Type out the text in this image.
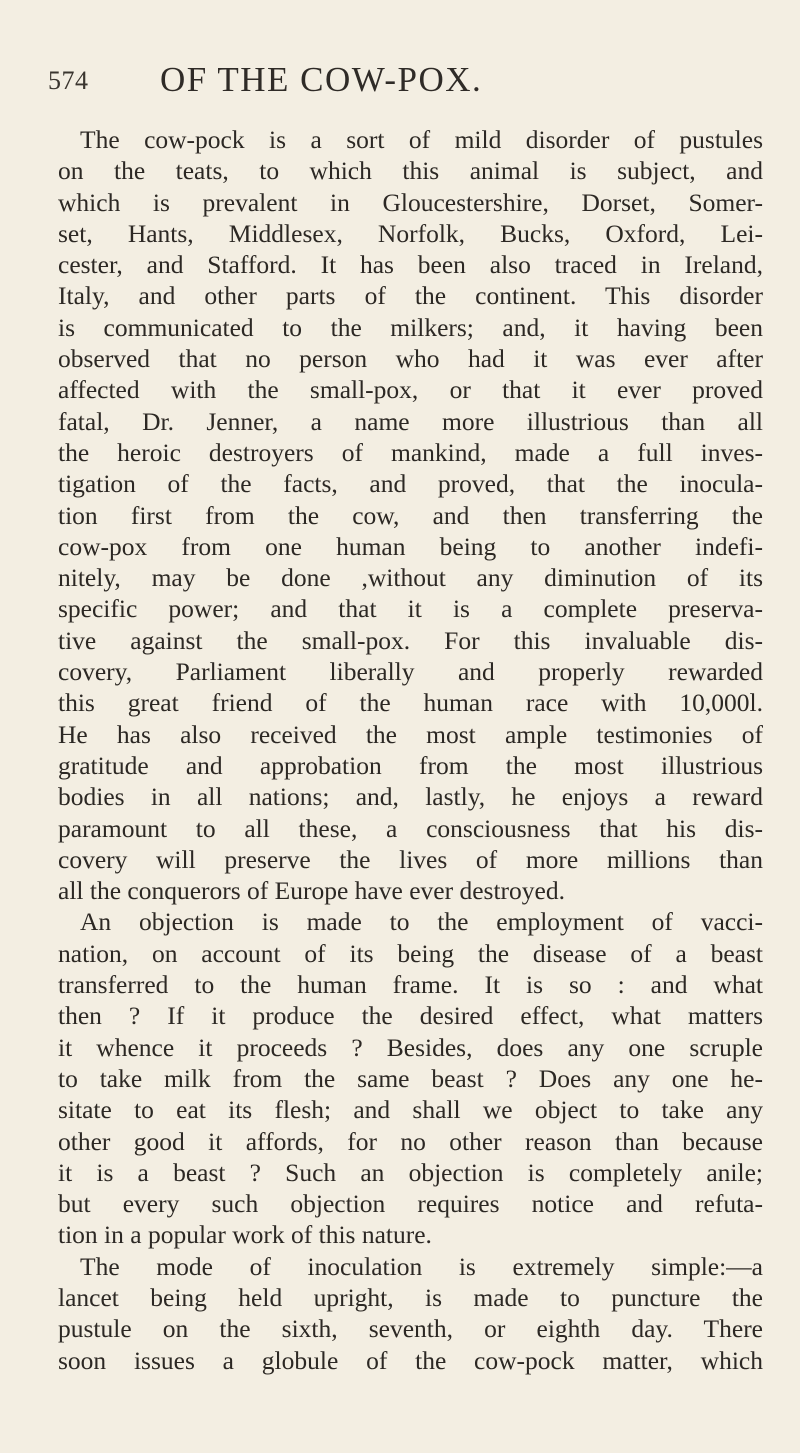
574 OF THE COW-POX.
The cow-pock is a sort of mild disorder of pustules
on the teats, to which this animal is subject, and
which is prevalent in Gloucestershire, Dorset, Somer-
set, Hants, Middlesex, Norfolk, Bucks, Oxford, Lei-
cester, and Stafford. It has been also traced in Ireland,
Italy, and other parts of the continent. This disorder
is communicated to the milkers; and, it having been
observed that no person who had it was ever after
affected with the small-pox, or that it ever proved
fatal, Dr. Jenner, a name more illustrious than all
the heroic destroyers of mankind, made a full inves-
tigation of the facts, and proved, that the inocula-
tion first from the cow, and then transferring the
cow-pox from one human being to another indefi-
nitely, may be done ,without any diminution of its
specific power; and that it is a complete preserva-
tive against the small-pox. For this invaluable dis-
covery, Parliament liberally and properly rewarded
this great friend of the human race with 10,000l.
He has also received the most ample testimonies of
gratitude and approbation from the most illustrious
bodies in all nations; and, lastly, he enjoys a reward
paramount to all these, a consciousness that his dis-
covery will preserve the lives of more millions than
all the conquerors of Europe have ever destroyed.
An objection is made to the employment of vacci-
nation, on account of its being the disease of a beast
transferred to the human frame. It is so : and what
then ? If it produce the desired effect, what matters
it whence it proceeds ? Besides, does any one scruple
to take milk from the same beast ? Does any one he-
sitate to eat its flesh; and shall we object to take any
other good it affords, for no other reason than because
it is a beast ? Such an objection is completely anile;
but every such objection requires notice and refuta-
tion in a popular work of this nature.
The mode of inoculation is extremely simple:—a
lancet being held upright, is made to puncture the
pustule on the sixth, seventh, or eighth day. There
soon issues a globule of the cow-pock matter, which
